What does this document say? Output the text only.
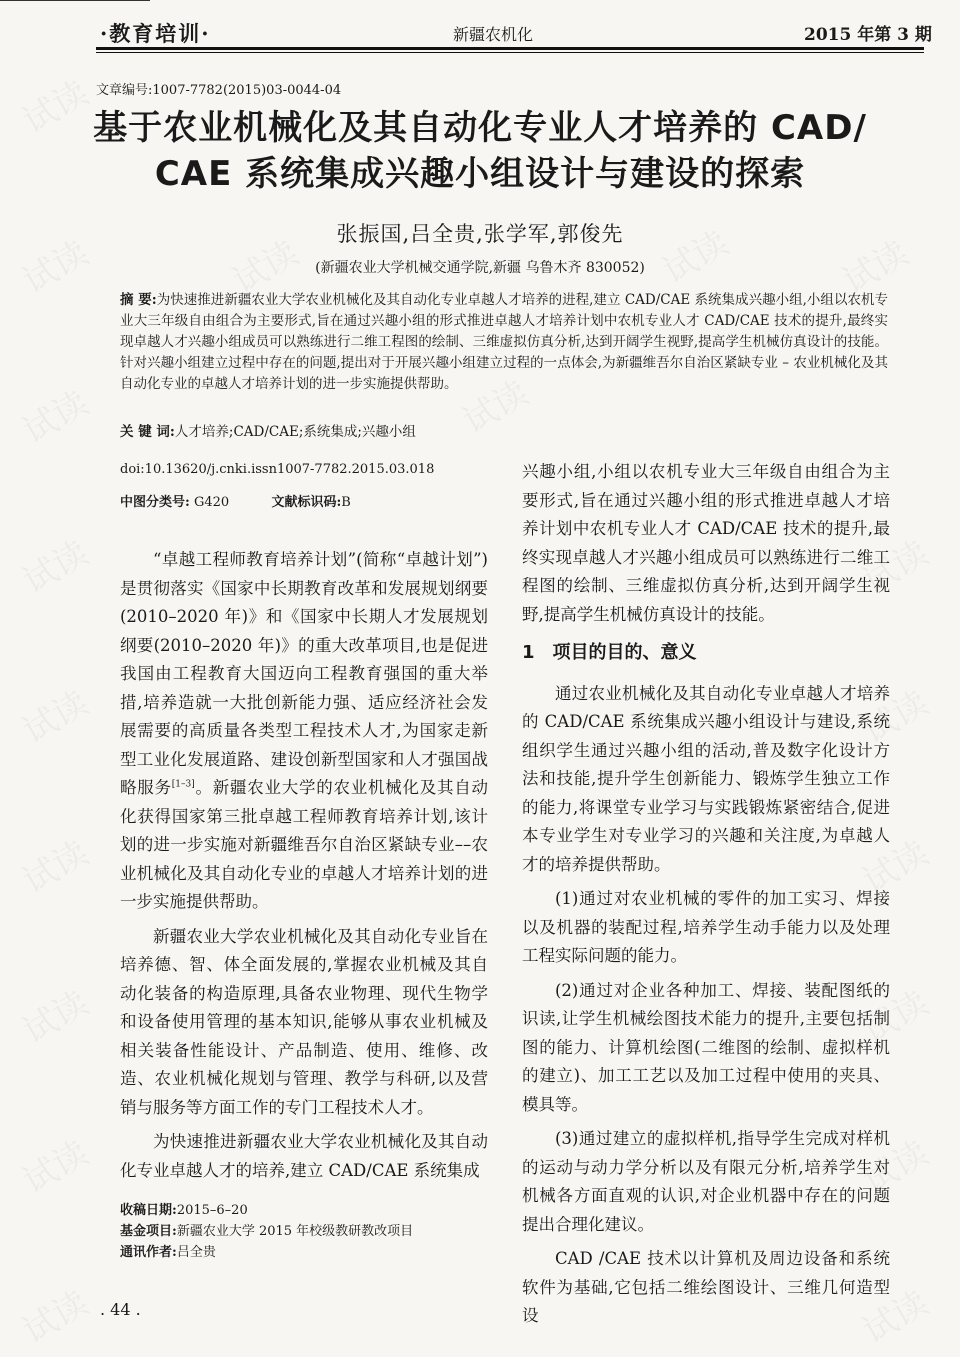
·教育培训·	新疆农机化	2015 年第 3 期
文章编号:1007-7782(2015)03-0044-04
基于农业机械化及其自动化专业人才培养的 CAD/
CAE 系统集成兴趣小组设计与建设的探索
张振国,吕全贵,张学军,郭俊先
(新疆农业大学机械交通学院,新疆 乌鲁木齐 830052)
摘 要:为快速推进新疆农业大学农业机械化及其自动化专业卓越人才培养的进程,建立 CAD/CAE 系统集成兴趣小组,小组以农机专业大三年级自由组合为主要形式,旨在通过兴趣小组的形式推进卓越人才培养计划中农机专业人才 CAD/CAE 技术的提升,最终实现卓越人才兴趣小组成员可以熟练进行二维工程图的绘制、三维虚拟仿真分析,达到开阔学生视野,提高学生机械仿真设计的技能。针对兴趣小组建立过程中存在的问题,提出对于开展兴趣小组建立过程的一点体会,为新疆维吾尔自治区紧缺专业 – 农业机械化及其自动化专业的卓越人才培养计划的进一步实施提供帮助。
关 键 词:人才培养;CAD/CAE;系统集成;兴趣小组
doi:10.13620/j.cnki.issn1007-7782.2015.03.018
中图分类号: G420	文献标识码:B

“卓越工程师教育培养计划”(简称“卓越计划”)是贯彻落实《国家中长期教育改革和发展规划纲要(2010–2020 年)》和《国家中长期人才发展规划纲要(2010–2020 年)》的重大改革项目,也是促进我国由工程教育大国迈向工程教育强国的重大举措,培养造就一大批创新能力强、适应经济社会发展需要的高质量各类型工程技术人才,为国家走新型工业化发展道路、建设创新型国家和人才强国战略服务[1–3]。新疆农业大学的农业机械化及其自动化获得国家第三批卓越工程师教育培养计划,该计划的进一步实施对新疆维吾尔自治区紧缺专业––农业机械化及其自动化专业的卓越人才培养计划的进一步实施提供帮助。

新疆农业大学农业机械化及其自动化专业旨在培养德、智、体全面发展的,掌握农业机械及其自动化装备的构造原理,具备农业物理、现代生物学和设备使用管理的基本知识,能够从事农业机械及相关装备性能设计、产品制造、使用、维修、改造、农业机械化规划与管理、教学与科研,以及营销与服务等方面工作的专门工程技术人才。

为快速推进新疆农业大学农业机械化及其自动化专业卓越人才的培养,建立 CAD/CAE 系统集成

兴趣小组,小组以农机专业大三年级自由组合为主要形式,旨在通过兴趣小组的形式推进卓越人才培养计划中农机专业人才 CAD/CAE 技术的提升,最终实现卓越人才兴趣小组成员可以熟练进行二维工程图的绘制、三维虚拟仿真分析,达到开阔学生视野,提高学生机械仿真设计的技能。

1 项目的目的、意义

通过农业机械化及其自动化专业卓越人才培养的 CAD/CAE 系统集成兴趣小组设计与建设,系统组织学生通过兴趣小组的活动,普及数字化设计方法和技能,提升学生创新能力、锻炼学生独立工作的能力,将课堂专业学习与实践锻炼紧密结合,促进本专业学生对专业学习的兴趣和关注度,为卓越人才的培养提供帮助。

(1)通过对农业机械的零件的加工实习、焊接以及机器的装配过程,培养学生动手能力以及处理工程实际问题的能力。

(2)通过对企业各种加工、焊接、装配图纸的识读,让学生机械绘图技术能力的提升,主要包括制图的能力、计算机绘图(二维图的绘制、虚拟样机的建立)、加工工艺以及加工过程中使用的夹具、模具等。

(3)通过建立的虚拟样机,指导学生完成对样机的运动与动力学分析以及有限元分析,培养学生对机械各方面直观的认识,对企业机器中存在的问题提出合理化建议。

CAD /CAE 技术以计算机及周边设备和系统软件为基础,它包括二维绘图设计、三维几何造型设

收稿日期:2015–6–20
基金项目:新疆农业大学 2015 年校级教研教改项目
通讯作者:吕全贵
. 44 .
